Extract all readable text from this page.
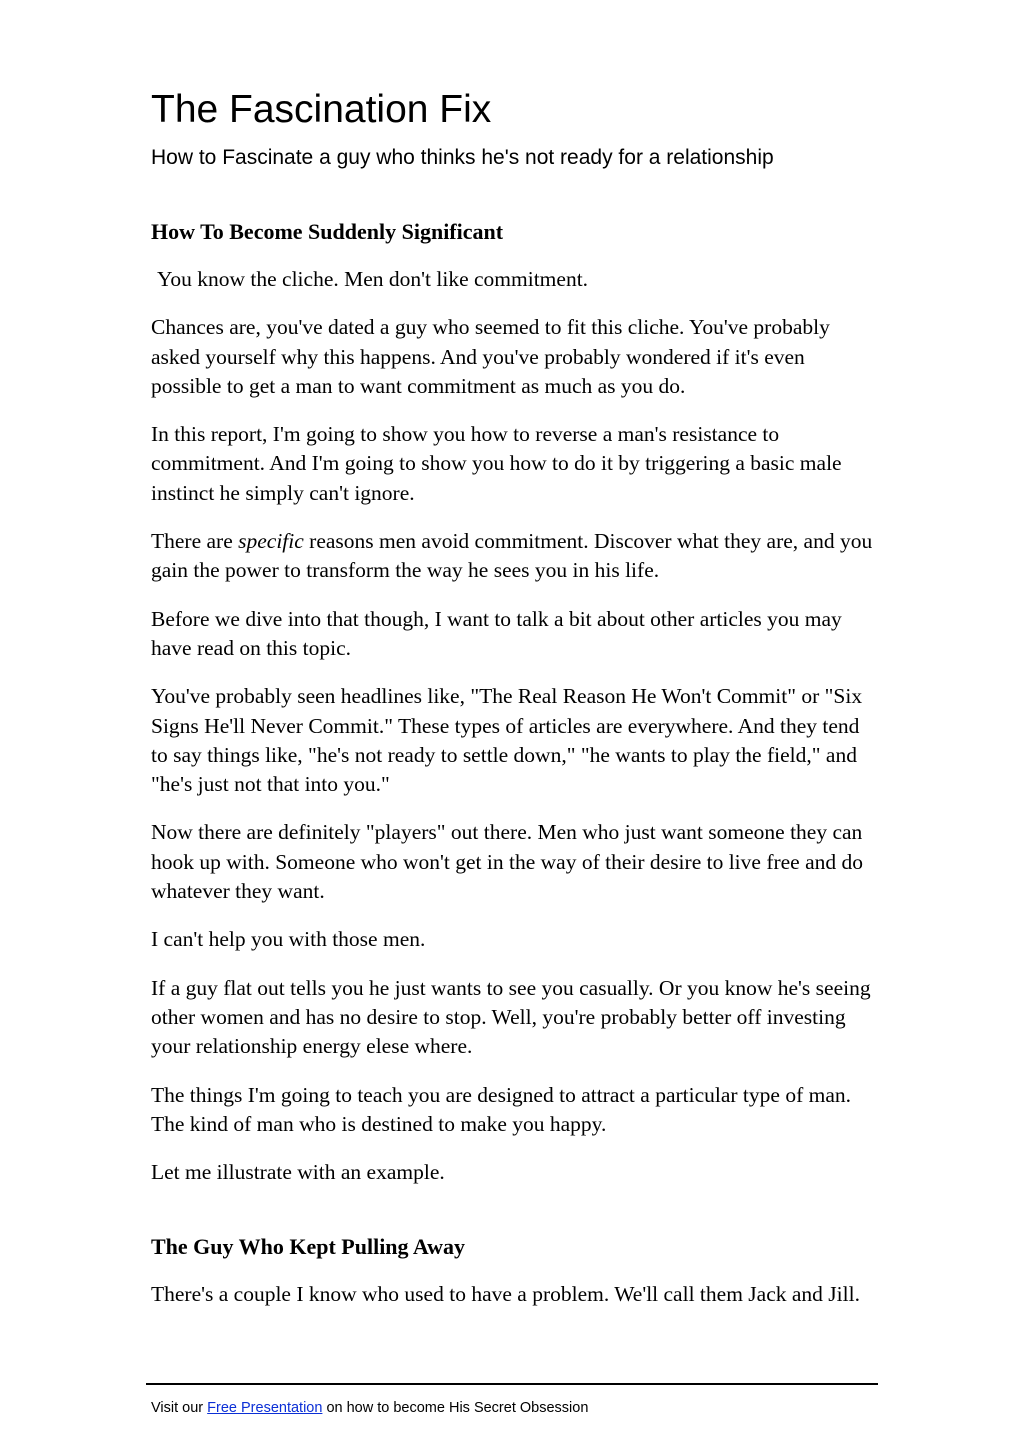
The Fascination Fix
How to Fascinate a guy who thinks he's not ready for a relationship
How To Become Suddenly Significant

You know the cliche. Men don't like commitment.

Chances are, you've dated a guy who seemed to fit this cliche. You've probably asked yourself why this happens. And you've probably wondered if it's even possible to get a man to want commitment as much as you do.

In this report, I'm going to show you how to reverse a man's resistance to commitment. And I'm going to show you how to do it by triggering a basic male instinct he simply can't ignore.

There are specific reasons men avoid commitment. Discover what they are, and you gain the power to transform the way he sees you in his life.

Before we dive into that though, I want to talk a bit about other articles you may have read on this topic.

You've probably seen headlines like, "The Real Reason He Won't Commit" or "Six Signs He'll Never Commit." These types of articles are everywhere. And they tend to say things like, "he's not ready to settle down," "he wants to play the field," and "he's just not that into you."

Now there are definitely "players" out there. Men who just want someone they can hook up with. Someone who won't get in the way of their desire to live free and do whatever they want.

I can't help you with those men.

If a guy flat out tells you he just wants to see you casually. Or you know he's seeing other women and has no desire to stop. Well, you're probably better off investing your relationship energy elese where.

The things I'm going to teach you are designed to attract a particular type of man. The kind of man who is destined to make you happy.

Let me illustrate with an example.

The Guy Who Kept Pulling Away

There's a couple I know who used to have a problem. We'll call them Jack and Jill.

Visit our Free Presentation on how to become His Secret Obsession
